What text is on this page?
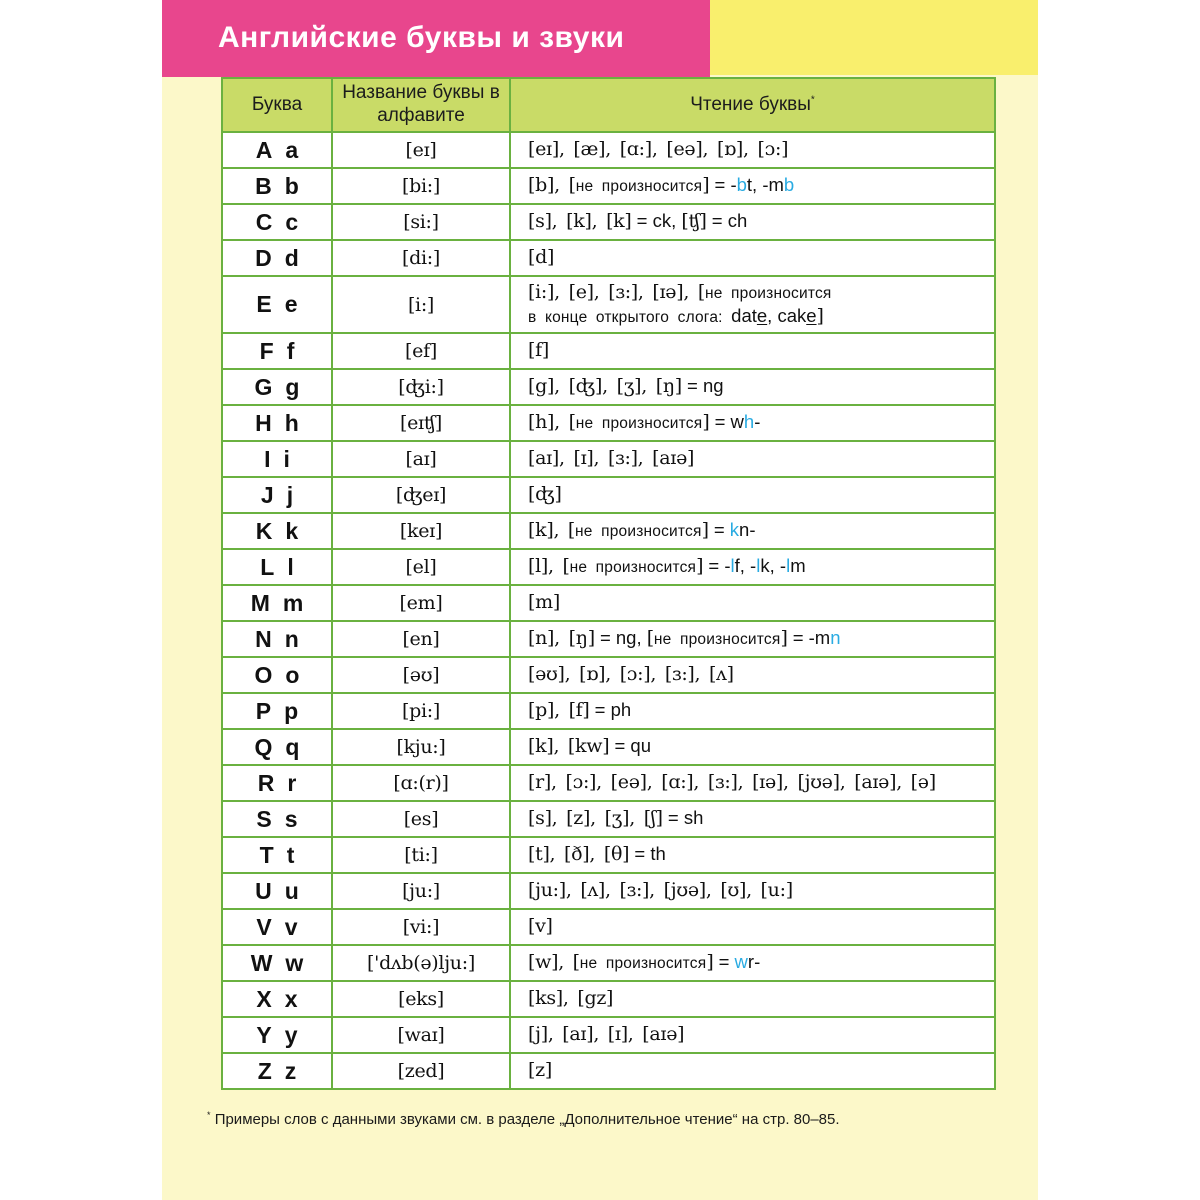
Английские буквы и звуки
Буква	Название буквы в алфавите	Чтение буквы*
A a	[eɪ]	[eɪ], [æ], [ɑ:], [eə], [ɒ], [ɔ:]
B b	[bi:]	[b], [не произносится] = -bt, -mb
C c	[si:]	[s], [k], [k] = ck, [ʧ] = ch
D d	[di:]	[d]
E e	[i:]	[i:], [e], [ɜ:], [ɪə], [не произносится
в конце открытого слога: date, cake]
F f	[ef]	[f]
G g	[ʤi:]	[g], [ʤ], [ʒ], [ŋ] = ng
H h	[eɪʧ]	[h], [не произносится] = wh-
I i	[aɪ]	[aɪ], [ɪ], [ɜ:], [aɪə]
J j	[ʤeɪ]	[ʤ]
K k	[keɪ]	[k], [не произносится] = kn-
L l	[el]	[l], [не произносится] = -lf, -lk, -lm
M m	[em]	[m]
N n	[en]	[n], [ŋ] = ng, [не произносится] = -mn
O o	[əʊ]	[əʊ], [ɒ], [ɔ:], [ɜ:], [ʌ]
P p	[pi:]	[p], [f] = ph
Q q	[kju:]	[k], [kw] = qu
R r	[ɑ:(r)]	[r], [ɔ:], [eə], [ɑ:], [ɜ:], [ɪə], [jʊə], [aɪə], [ə]
S s	[es]	[s], [z], [ʒ], [ʃ] = sh
T t	[ti:]	[t], [ð], [θ] = th
U u	[ju:]	[ju:], [ʌ], [ɜ:], [jʊə], [ʊ], [u:]
V v	[vi:]	[v]
W w	['dʌb(ə)lju:]	[w], [не произносится] = wr-
X x	[eks]	[ks], [gz]
Y y	[waɪ]	[j], [aɪ], [ɪ], [aɪə]
Z z	[zed]	[z]

* Примеры слов с данными звуками см. в разделе „Дополнительное чтение“ на стр. 80–85.
